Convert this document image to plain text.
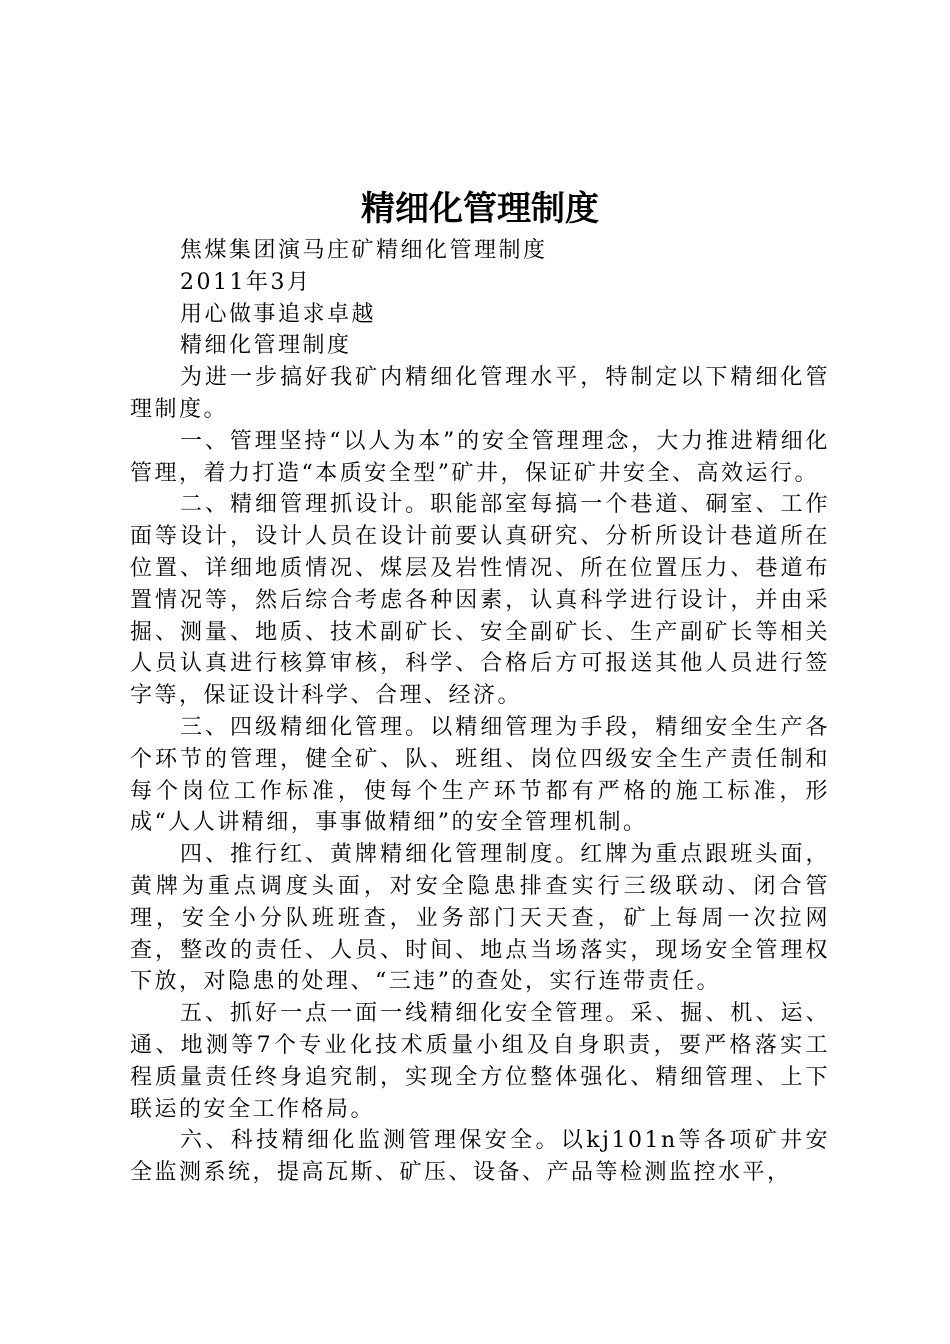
精细化管理制度

焦煤集团演马庄矿精细化管理制度

2011年3月

用心做事追求卓越

精细化管理制度

为进一步搞好我矿内精细化管理水平，特制定以下精细化管理制度。

一、管理坚持“以人为本”的安全管理理念，大力推进精细化管理，着力打造“本质安全型”矿井，保证矿井安全、高效运行。

二、精细管理抓设计。职能部室每搞一个巷道、硐室、工作面等设计，设计人员在设计前要认真研究、分析所设计巷道所在位置、详细地质情况、煤层及岩性情况、所在位置压力、巷道布置情况等，然后综合考虑各种因素，认真科学进行设计，并由采掘、测量、地质、技术副矿长、安全副矿长、生产副矿长等相关人员认真进行核算审核，科学、合格后方可报送其他人员进行签字等，保证设计科学、合理、经济。

三、四级精细化管理。以精细管理为手段，精细安全生产各个环节的管理，健全矿、队、班组、岗位四级安全生产责任制和每个岗位工作标准，使每个生产环节都有严格的施工标准，形成“人人讲精细，事事做精细”的安全管理机制。

四、推行红、黄牌精细化管理制度。红牌为重点跟班头面，黄牌为重点调度头面，对安全隐患排查实行三级联动、闭合管理，安全小分队班班查，业务部门天天查，矿上每周一次拉网查，整改的责任、人员、时间、地点当场落实，现场安全管理权下放，对隐患的处理、“三违”的查处，实行连带责任。

五、抓好一点一面一线精细化安全管理。采、掘、机、运、通、地测等7个专业化技术质量小组及自身职责，要严格落实工程质量责任终身追究制，实现全方位整体强化、精细管理、上下联运的安全工作格局。

六、科技精细化监测管理保安全。以kj101n等各项矿井安全监测系统，提高瓦斯、矿压、设备、产品等检测监控水平，
